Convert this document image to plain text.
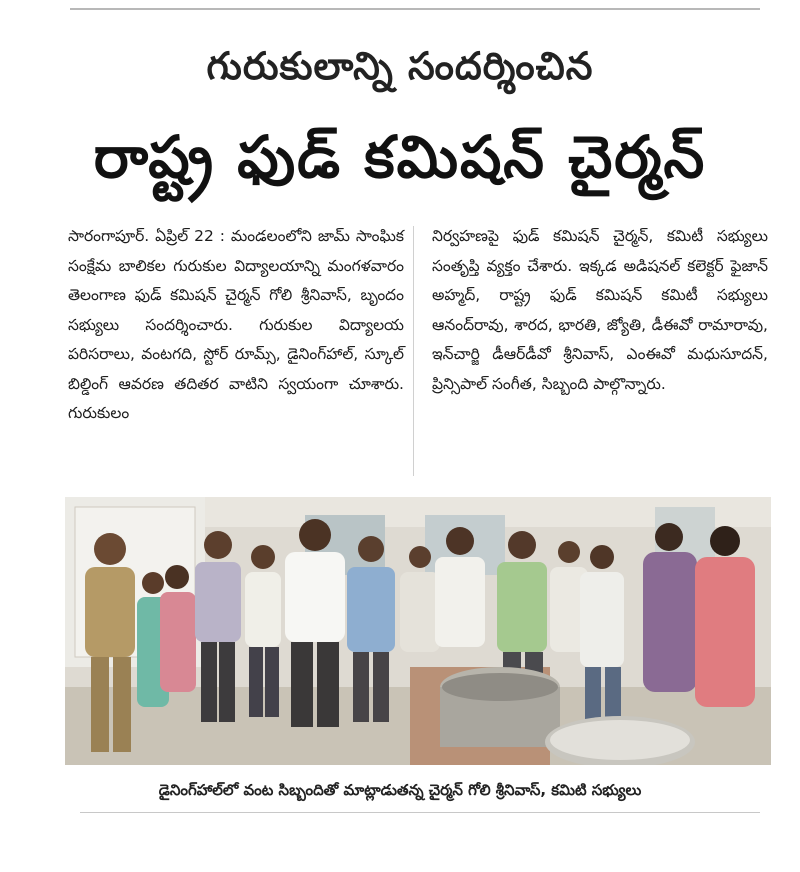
గురుకులాన్ని సందర్శించిన
రాష్ట్ర ఫుడ్ కమిషన్ చైర్మన్
సారంగాపూర్. ఏప్రిల్ 22 : మండలంలోని జామ్ సాంఘిక సంక్షేమ బాలికల గురుకుల విద్యాలయాన్ని మంగళవారం తెలంగాణ ఫుడ్ కమిషన్ చైర్మన్ గోలి శ్రీనివాస్, బృందం సభ్యులు సందర్శించారు. గురుకుల విద్యాలయ పరిసరాలు, వంటగది, స్టోర్ రూమ్స్, డైనింగ్‌హాల్, స్కూల్ బిల్డింగ్ ఆవరణ తదితర వాటిని స్వయంగా చూశారు. గురుకులం
నిర్వహణపై ఫుడ్ కమిషన్ చైర్మన్, కమిటీ సభ్యులు సంతృప్తి వ్యక్తం చేశారు. ఇక్కడ అడిషనల్ కలెక్టర్ ఫైజాన్ అహ్మద్, రాష్ట్ర ఫుడ్ కమిషన్ కమిటీ సభ్యులు ఆనంద్‌రావు, శారద, భారతి, జ్యోతి, డీఈవో రామారావు, ఇన్‌చార్జి డీఆర్‌డీవో శ్రీనివాస్, ఎంఈవో మధుసూదన్, ప్రిన్సిపాల్ సంగీత, సిబ్బంది పాల్గొన్నారు.
డైనింగ్‌హాల్‌లో వంట సిబ్బందితో మాట్లాడుతన్న చైర్మన్ గోలి శ్రీనివాస్, కమిటి సభ్యులు
